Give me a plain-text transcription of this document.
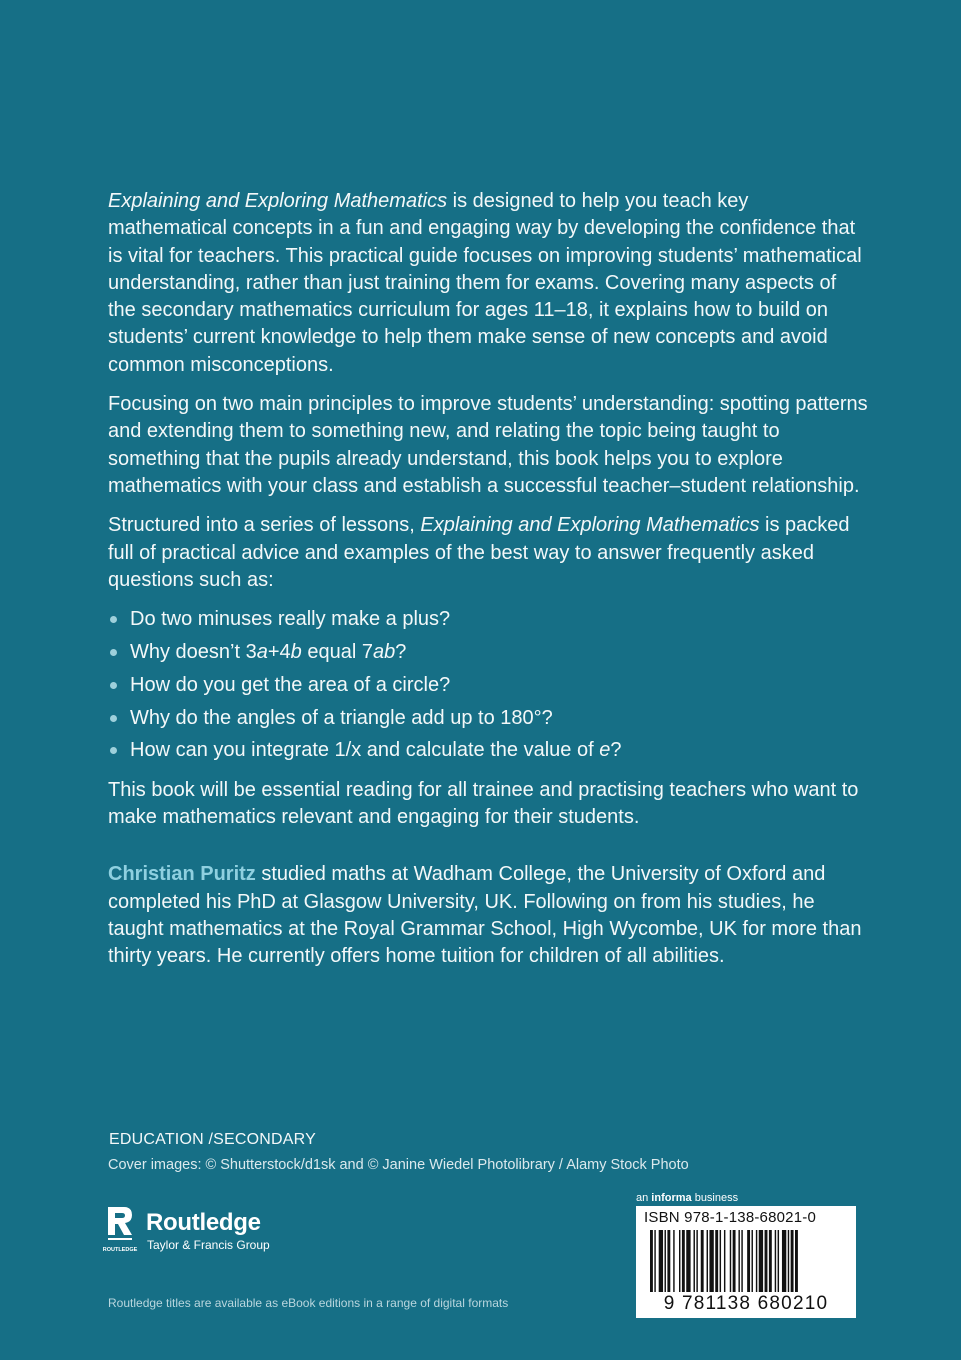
Explaining and Exploring Mathematics is designed to help you teach key mathematical concepts in a fun and engaging way by developing the confidence that is vital for teachers. This practical guide focuses on improving students’ mathematical understanding, rather than just training them for exams. Covering many aspects of the secondary mathematics curriculum for ages 11–18, it explains how to build on students’ current knowledge to help them make sense of new concepts and avoid common misconceptions.

Focusing on two main principles to improve students’ understanding: spotting patterns and extending them to something new, and relating the topic being taught to something that the pupils already understand, this book helps you to explore mathematics with your class and establish a successful teacher–student relationship.

Structured into a series of lessons, Explaining and Exploring Mathematics is packed full of practical advice and examples of the best way to answer frequently asked questions such as:

Do two minuses really make a plus?
Why doesn’t 3a+4b equal 7ab?
How do you get the area of a circle?
Why do the angles of a triangle add up to 180°?
How can you integrate 1/x and calculate the value of e?

This book will be essential reading for all trainee and practising teachers who want to make mathematics relevant and engaging for their students.

Christian Puritz studied maths at Wadham College, the University of Oxford and completed his PhD at Glasgow University, UK. Following on from his studies, he taught mathematics at the Royal Grammar School, High Wycombe, UK for more than thirty years. He currently offers home tuition for children of all abilities.

EDUCATION /SECONDARY
Cover images: © Shutterstock/d1sk and © Janine Wiedel Photolibrary / Alamy Stock Photo
ROUTLEDGE
Routledge
Taylor & Francis Group
Routledge titles are available as eBook editions in a range of digital formats
an informa business
ISBN 978-1-138-68021-0
9 781138 680210
